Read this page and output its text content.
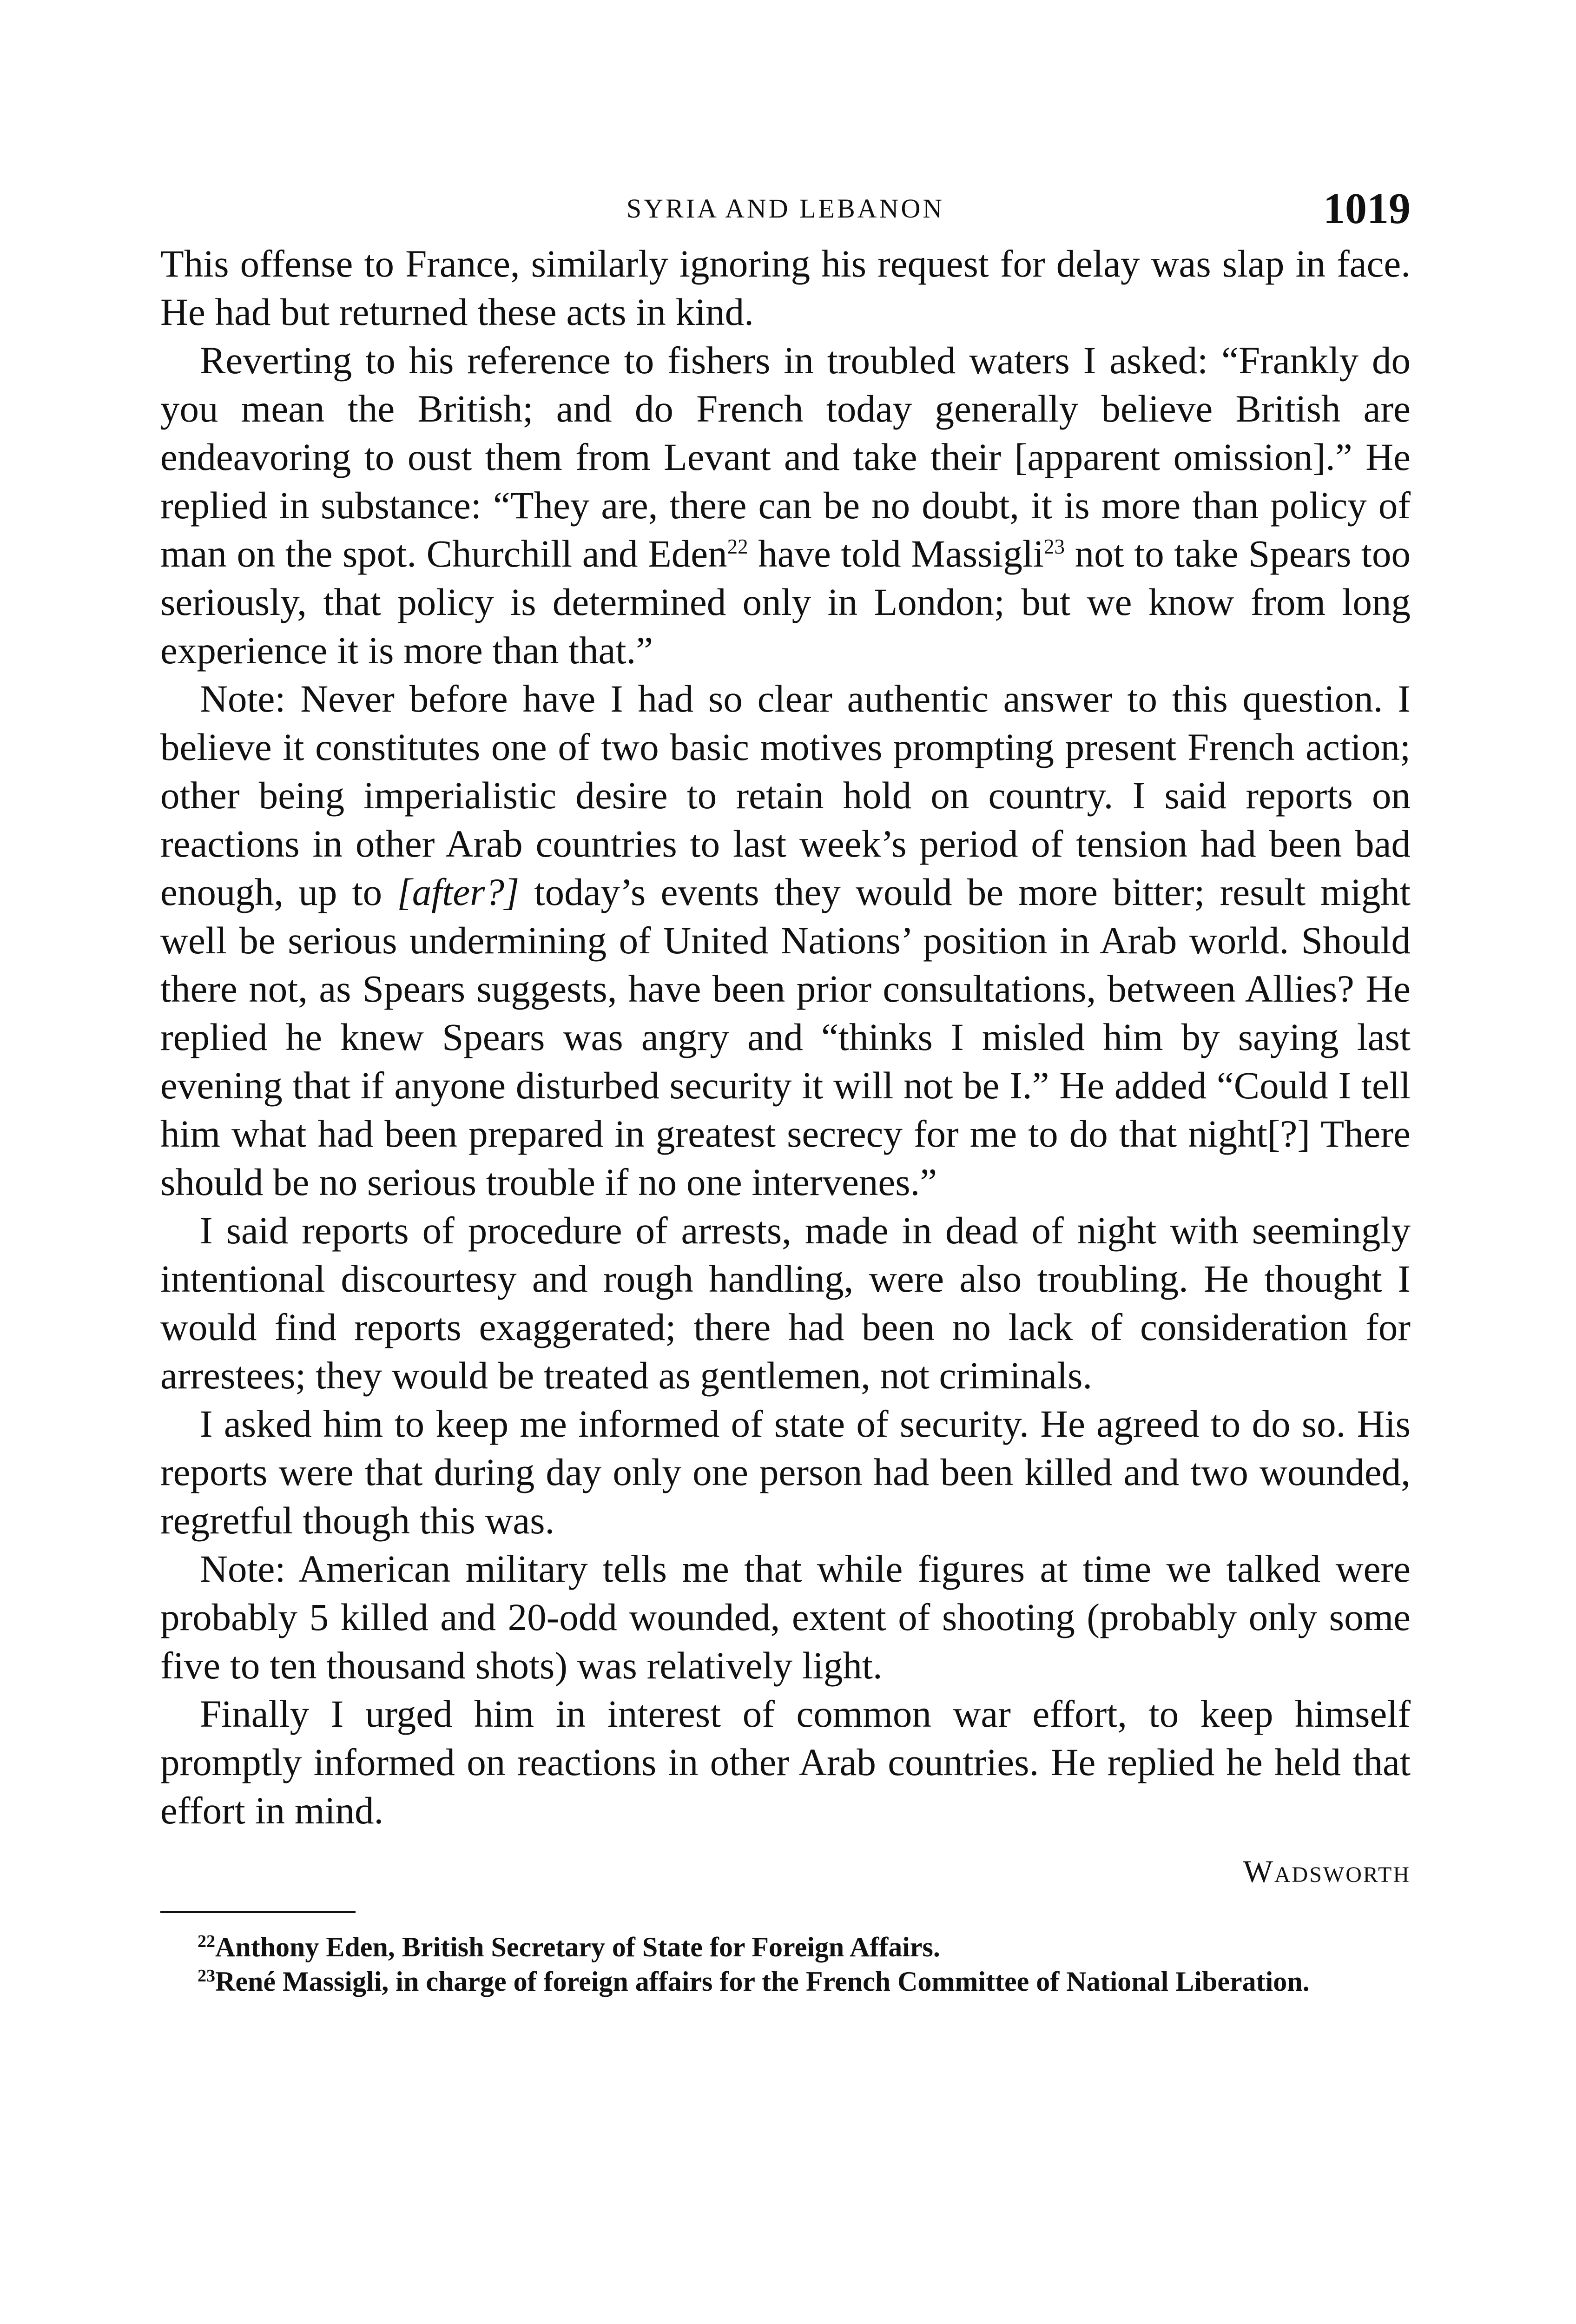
SYRIA AND LEBANON	1019

This offense to France, similarly ignoring his request for delay was slap in face. He had but returned these acts in kind.

Reverting to his reference to fishers in troubled waters I asked: “Frankly do you mean the British; and do French today generally believe British are endeavoring to oust them from Levant and take their [apparent omission].” He replied in substance: “They are, there can be no doubt, it is more than policy of man on the spot. Churchill and Eden$^{22}$ have told Massigli$^{23}$ not to take Spears too seriously, that policy is determined only in London; but we know from long experience it is more than that.”

Note: Never before have I had so clear authentic answer to this question. I believe it constitutes one of two basic motives prompting present French action; other being imperialistic desire to retain hold on country. I said reports on reactions in other Arab countries to last week’s period of tension had been bad enough, up to [after?] today’s events they would be more bitter; result might well be serious undermining of United Nations’ position in Arab world. Should there not, as Spears suggests, have been prior consultations, between Allies? He replied he knew Spears was angry and “thinks I misled him by saying last evening that if anyone disturbed security it will not be I.” He added “Could I tell him what had been prepared in greatest secrecy for me to do that night[?] There should be no serious trouble if no one intervenes.”

I said reports of procedure of arrests, made in dead of night with seemingly intentional discourtesy and rough handling, were also troubling. He thought I would find reports exaggerated; there had been no lack of consideration for arrestees; they would be treated as gentlemen, not criminals.

I asked him to keep me informed of state of security. He agreed to do so. His reports were that during day only one person had been killed and two wounded, regretful though this was.

Note: American military tells me that while figures at time we talked were probably 5 killed and 20-odd wounded, extent of shooting (probably only some five to ten thousand shots) was relatively light.

Finally I urged him in interest of common war effort, to keep himself promptly informed on reactions in other Arab countries. He replied he held that effort in mind.

Wadsworth

$^{22}$Anthony Eden, British Secretary of State for Foreign Affairs.

$^{23}$René Massigli, in charge of foreign affairs for the French Committee of National Liberation.
